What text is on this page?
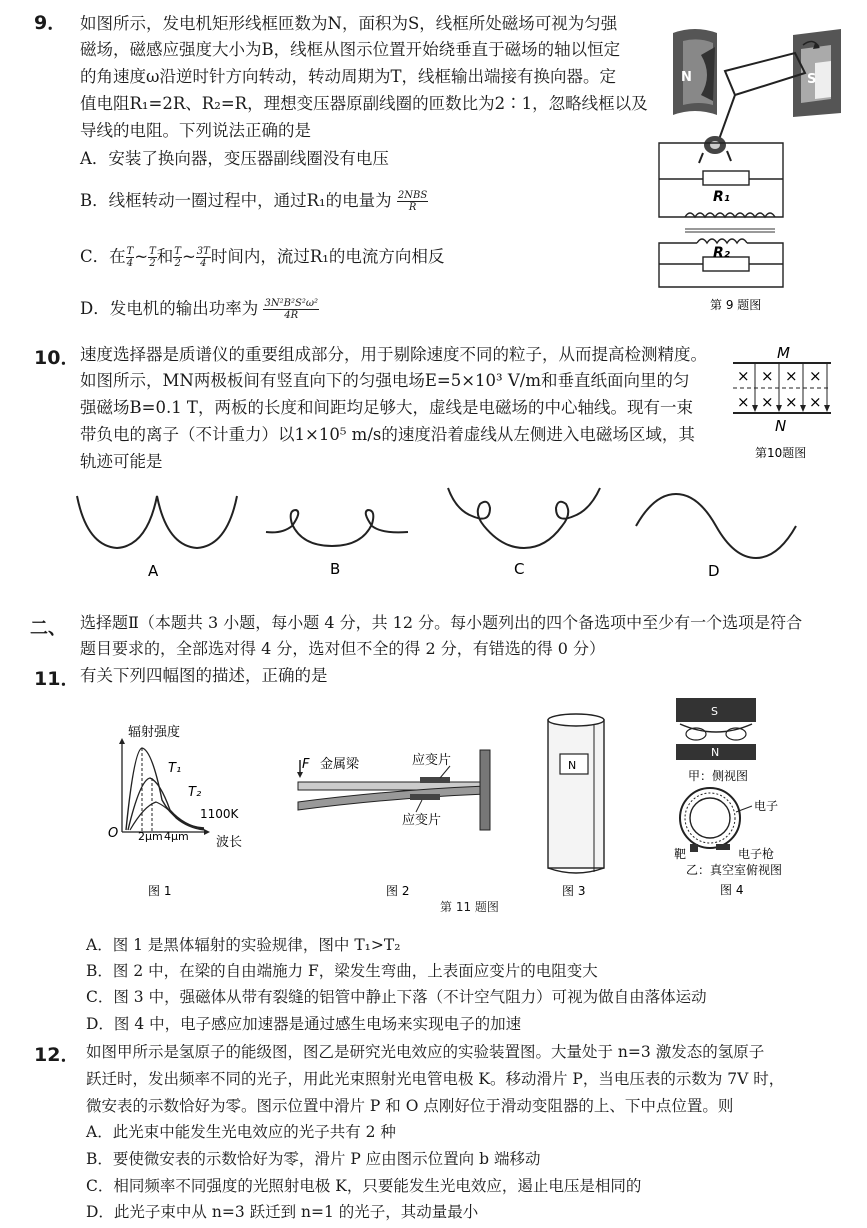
9． 如图所示，发电机矩形线框匝数为N，面积为S，线框所处磁场可视为匀强
磁场，磁感应强度大小为B，线框从图示位置开始绕垂直于磁场的轴以恒定
的角速度ω沿逆时针方向转动，转动周期为T，线框输出端接有换向器。定
值电阻R₁=2R、R₂=R，理想变压器原副线圈的匝数比为2∶1，忽略线框以及
导线的电阻。下列说法正确的是
A．安装了换向器，变压器副线圈没有电压
B．线框转动一圈过程中，通过R₁的电量为 $\frac{\text{2NBS}}{R}$
C．在 $\frac{T}{4}$ ~ $\frac{T}{2}$ 和 $\frac{T}{2}$ ~ $\frac{3T}{4}$ 时间内，流过R₁的电流方向相反
D．发电机的输出功率为 $\frac{\text{3N²B²S²ω²}}{4R}$
N	S
R₁
R₂
第 9 题图
10． 速度选择器是质谱仪的重要组成部分，用于剔除速度不同的粒子，从而提高检测精度。
如图所示，MN两极板间有竖直向下的匀强电场E=5×10³ V/m和垂直纸面向里的匀
强磁场B=0.1 T，两板的长度和间距均足够大，虚线是电磁场的中心轴线。现有一束
带负电的离子（不计重力）以1×10⁵ m/s的速度沿着虚线从左侧进入电磁场区域，其
轨迹可能是
M
× × × ×
× × × ×
N
第10题图
A	B	C	D
二、 选择题Ⅱ（本题共 3 小题，每小题 4 分，共 12 分。每小题列出的四个备选项中至少有一个选项是符合
题目要求的，全部选对得 4 分，选对但不全的得 2 分，有错选的得 0 分）
11． 有关下列四幅图的描述，正确的是
辐射强度
T₁
T₂
1100K
O 2μm 4μm 波长
图 1
F 金属梁	应变片
应变片
图 2
N
图 3
S
N
甲：侧视图
电子
靶	电子枪
乙：真空室俯视图
图 4
第 11 题图
A．图 1 是黑体辐射的实验规律，图中 T₁>T₂
B．图 2 中，在梁的自由端施力 F，梁发生弯曲，上表面应变片的电阻变大
C．图 3 中，强磁体从带有裂缝的铝管中静止下落（不计空气阻力）可视为做自由落体运动
D．图 4 中，电子感应加速器是通过感生电场来实现电子的加速
12． 如图甲所示是氢原子的能级图，图乙是研究光电效应的实验装置图。大量处于 n=3 激发态的氢原子
跃迁时，发出频率不同的光子，用此光束照射光电管电极 K。移动滑片 P，当电压表的示数为 7V 时，
微安表的示数恰好为零。图示位置中滑片 P 和 O 点刚好位于滑动变阻器的上、下中点位置。则
A．此光束中能发生光电效应的光子共有 2 种
B．要使微安表的示数恰好为零，滑片 P 应由图示位置向 b 端移动
C．相同频率不同强度的光照射电极 K，只要能发生光电效应，遏止电压是相同的
D．此光子束中从 n=3 跃迁到 n=1 的光子，其动量最小
